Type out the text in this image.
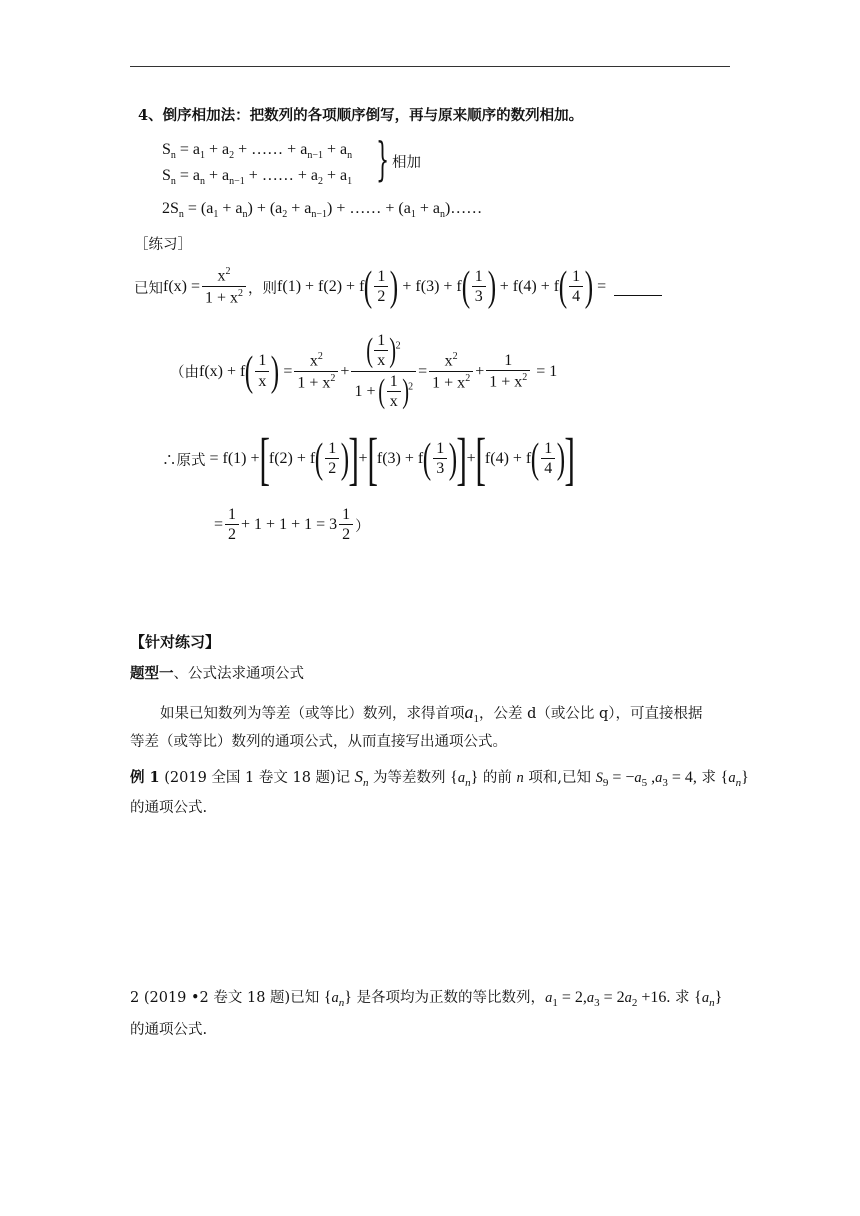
4、倒序相加法：把数列的各项顺序倒写，再与原来顺序的数列相加。
$S_n = a_1 + a_2$ + …… + $a_{n-1} + a_n$
$S_n = a_n + a_{n-1}$ + …… + $a_2 + a_1$ } 相加
$2S_n = (a_1 + a_n) + (a_2 + a_{n-1})$ + …… + ($a_1$ + $a_n)\dots\dots$
［练习］
已知 $f(x) = \frac{x^2}{1 + x^2}$ ，则 f(1) + f(2) + f ( $\frac{1}{2}$ ) + f(3) + f ( $\frac{1}{3}$ ) + f(4) + f ( $\frac{1}{4}$ ) =
（由 f(x) + f ( $\frac{1}{x}$ ) = $\frac{x^2}{1 + x^2} + \frac{( \frac{1}{x} )^2}{1 + ( \frac{1}{x} )^2} = \frac{x^2}{1 + x^2} + \frac{1}{1 + x^2} = 1$
∴原式 = f(1) + [ f(2) + f ( $\frac{1}{2}$ ) ] + [ f(3) + f ( $\frac{1}{3}$ ) ] + [ f(4) + f ( $\frac{1}{4}$ ) ]
= $\frac{1}{2} + 1 + 1 + 1 = 3 \frac{1}{2}$ ）
【针对练习】
题型一、公式法求通项公式
如果已知数列为等差（或等比）数列，求得首项$a_1$，公差 d（或公比 q），可直接根据
等差（或等比）数列的通项公式，从而直接写出通项公式。
例 1 (2019 全国 1 卷文 18 题)记 $S_n$ 为等差数列 $\{a_n\}$ 的前 n 项和,已知 $S_9 = -a_5$ $,a_3 = 4$, 求 $\{a_n\}$
的通项公式.
2 (2019 •2 卷文 18 题)已知 $\{a_n\}$ 是各项均为正数的等比数列，$a_1 = 2,a_3 = 2a_2 +16$. 求 $\{a_n\}$
的通项公式.
